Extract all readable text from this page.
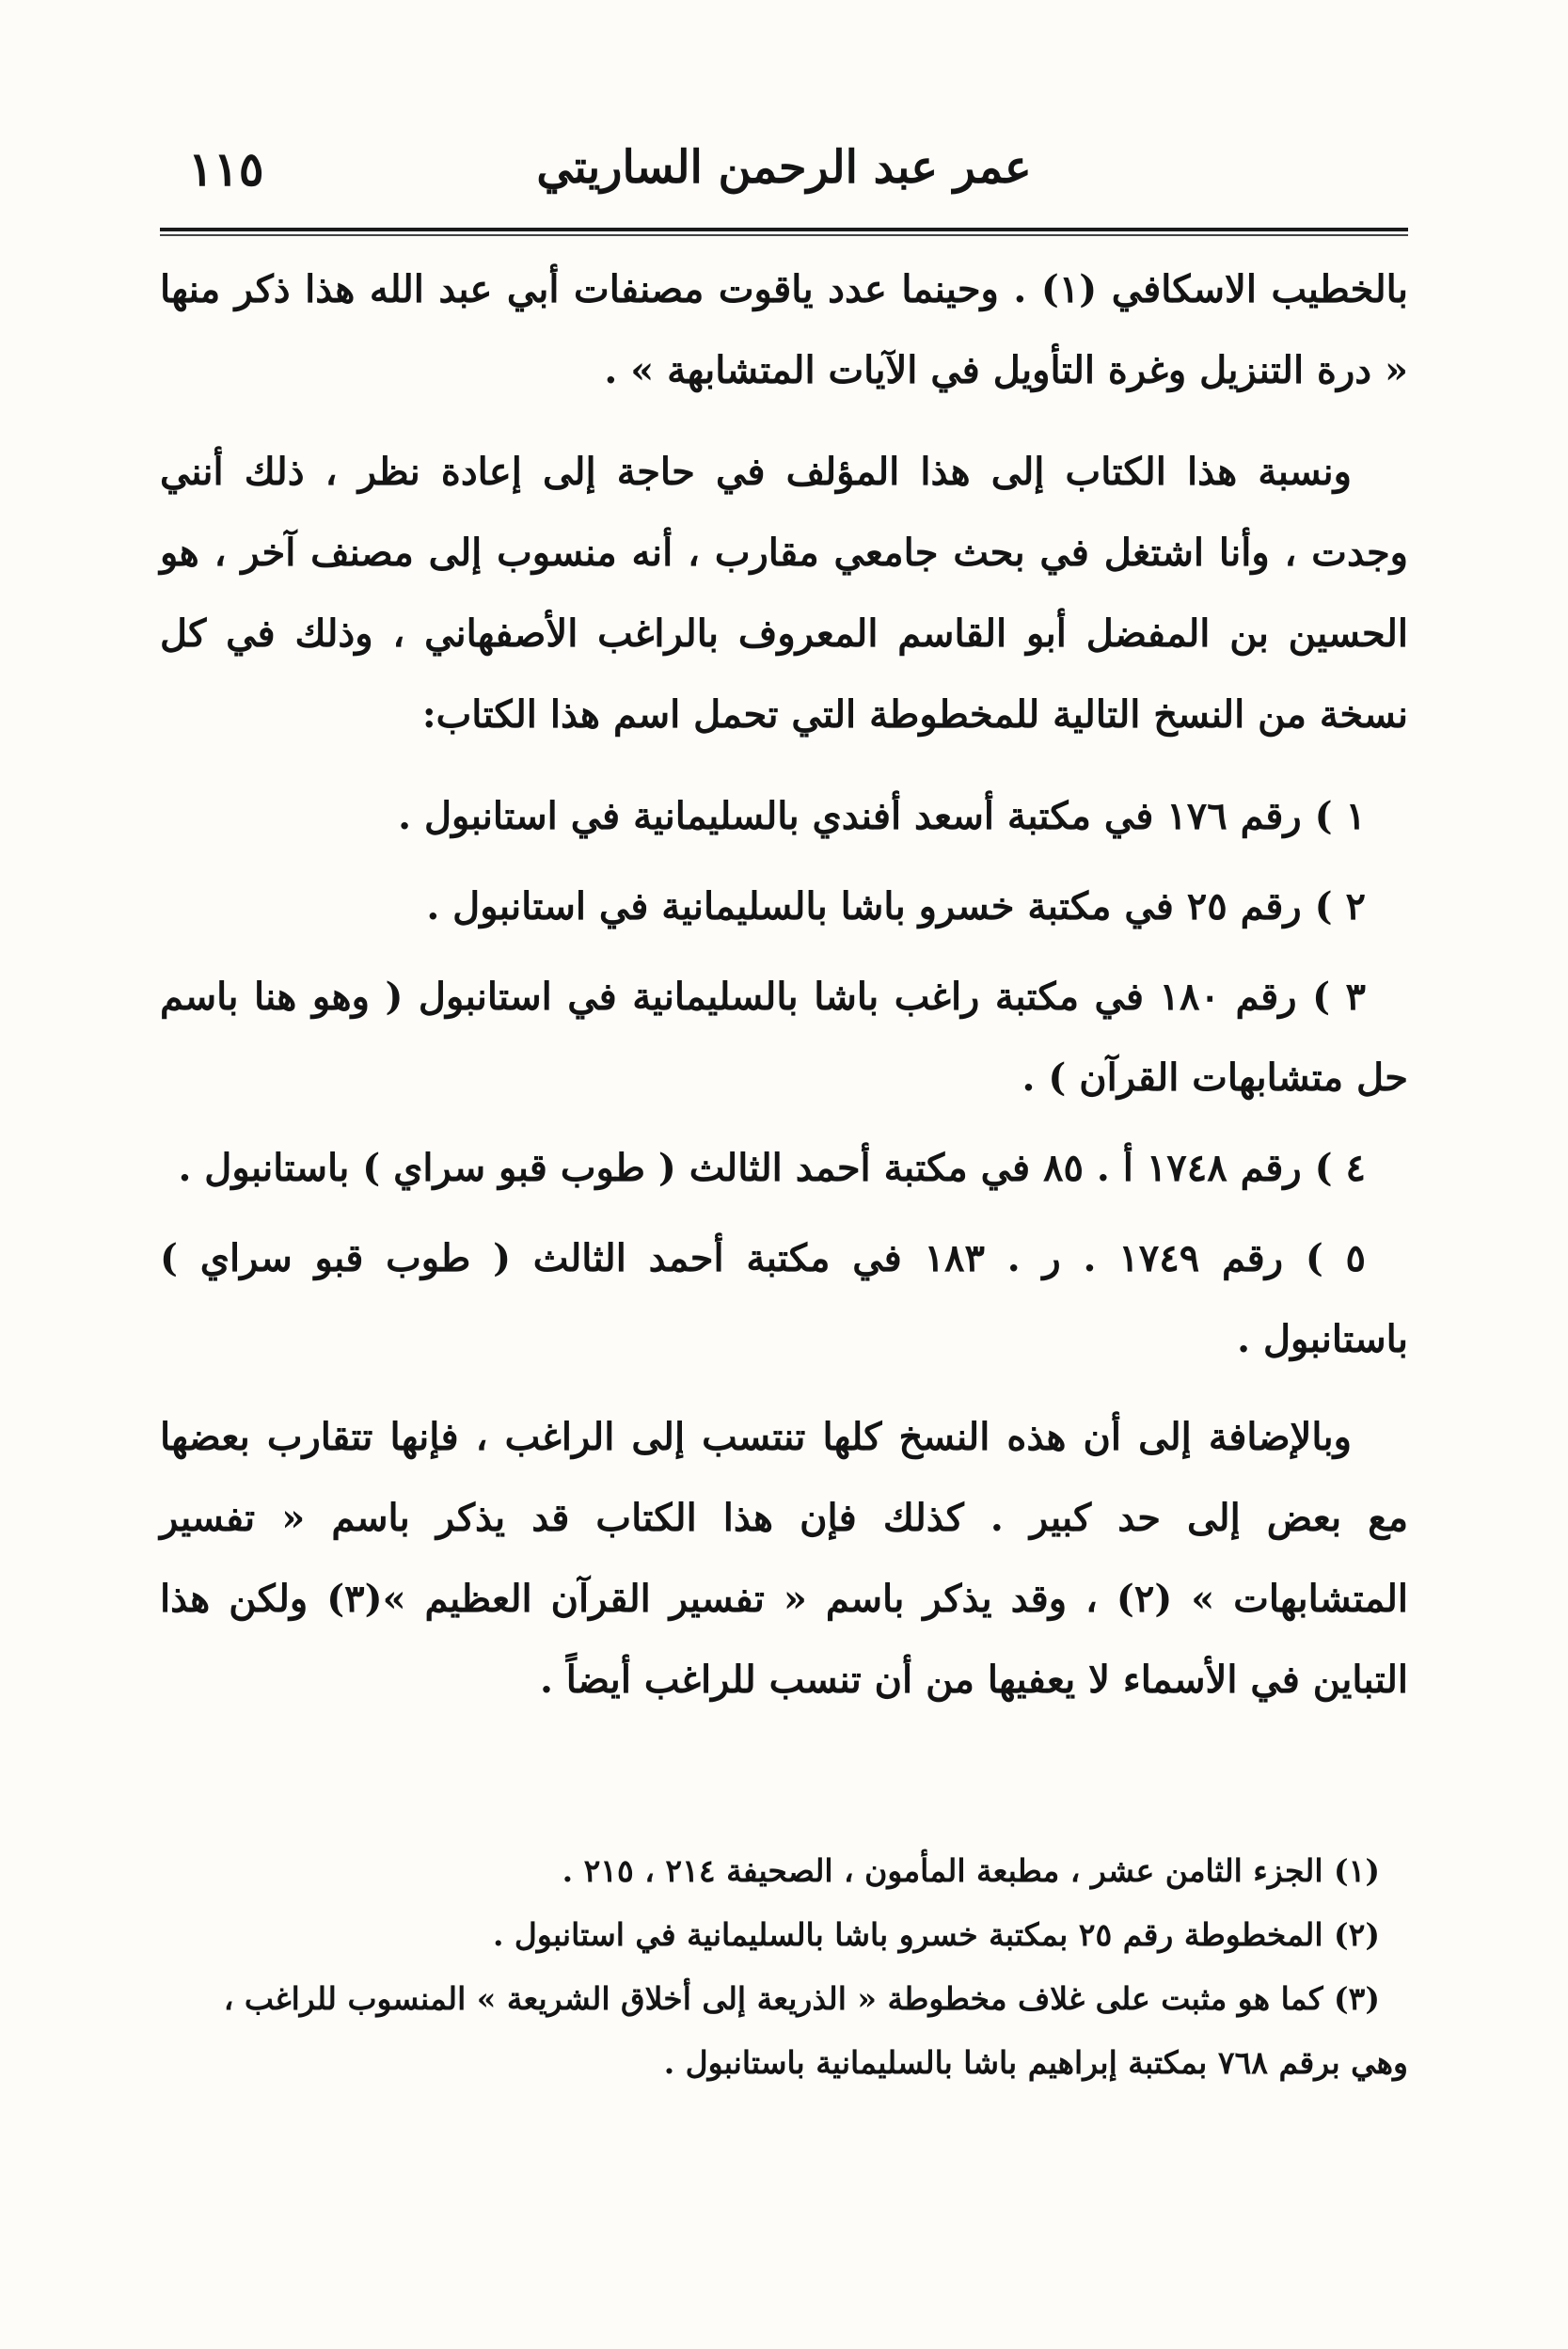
عمر عبد الرحمن الساريتي
١١٥

بالخطيب الاسكافي (١) . وحينما عدد ياقوت مصنفات أبي عبد الله هذا ذكر منها « درة التنزيل وغرة التأويل في الآيات المتشابهة » .

ونسبة هذا الكتاب إلى هذا المؤلف في حاجة إلى إعادة نظر ، ذلك أنني وجدت ، وأنا اشتغل في بحث جامعي مقارب ، أنه منسوب إلى مصنف آخر ، هو الحسين بن المفضل أبو القاسم المعروف بالراغب الأصفهاني ، وذلك في كل نسخة من النسخ التالية للمخطوطة التي تحمل اسم هذا الكتاب:

١ ) رقم ١٧٦ في مكتبة أسعد أفندي بالسليمانية في استانبول .
٢ ) رقم ٢٥ في مكتبة خسرو باشا بالسليمانية في استانبول .
٣ ) رقم ١٨٠ في مكتبة راغب باشا بالسليمانية في استانبول ( وهو هنا باسم حل متشابهات القرآن ) .
٤ ) رقم ١٧٤٨ أ . ٨٥ في مكتبة أحمد الثالث ( طوب قبو سراي ) باستانبول .
٥ ) رقم ١٧٤٩ . ر . ١٨٣ في مكتبة أحمد الثالث ( طوب قبو سراي ) باستانبول .

وبالإضافة إلى أن هذه النسخ كلها تنتسب إلى الراغب ، فإنها تتقارب بعضها مع بعض إلى حد كبير . كذلك فإن هذا الكتاب قد يذكر باسم « تفسير المتشابهات » (٢) ، وقد يذكر باسم « تفسير القرآن العظيم »(٣) ولكن هذا التباين في الأسماء لا يعفيها من أن تنسب للراغب أيضاً .

(١) الجزء الثامن عشر ، مطبعة المأمون ، الصحيفة ٢١٤ ، ٢١٥ .

(٢) المخطوطة رقم ٢٥ بمكتبة خسرو باشا بالسليمانية في استانبول .

(٣) كما هو مثبت على غلاف مخطوطة « الذريعة إلى أخلاق الشريعة » المنسوب للراغب ، وهي برقم ٧٦٨ بمكتبة إبراهيم باشا بالسليمانية باستانبول .
